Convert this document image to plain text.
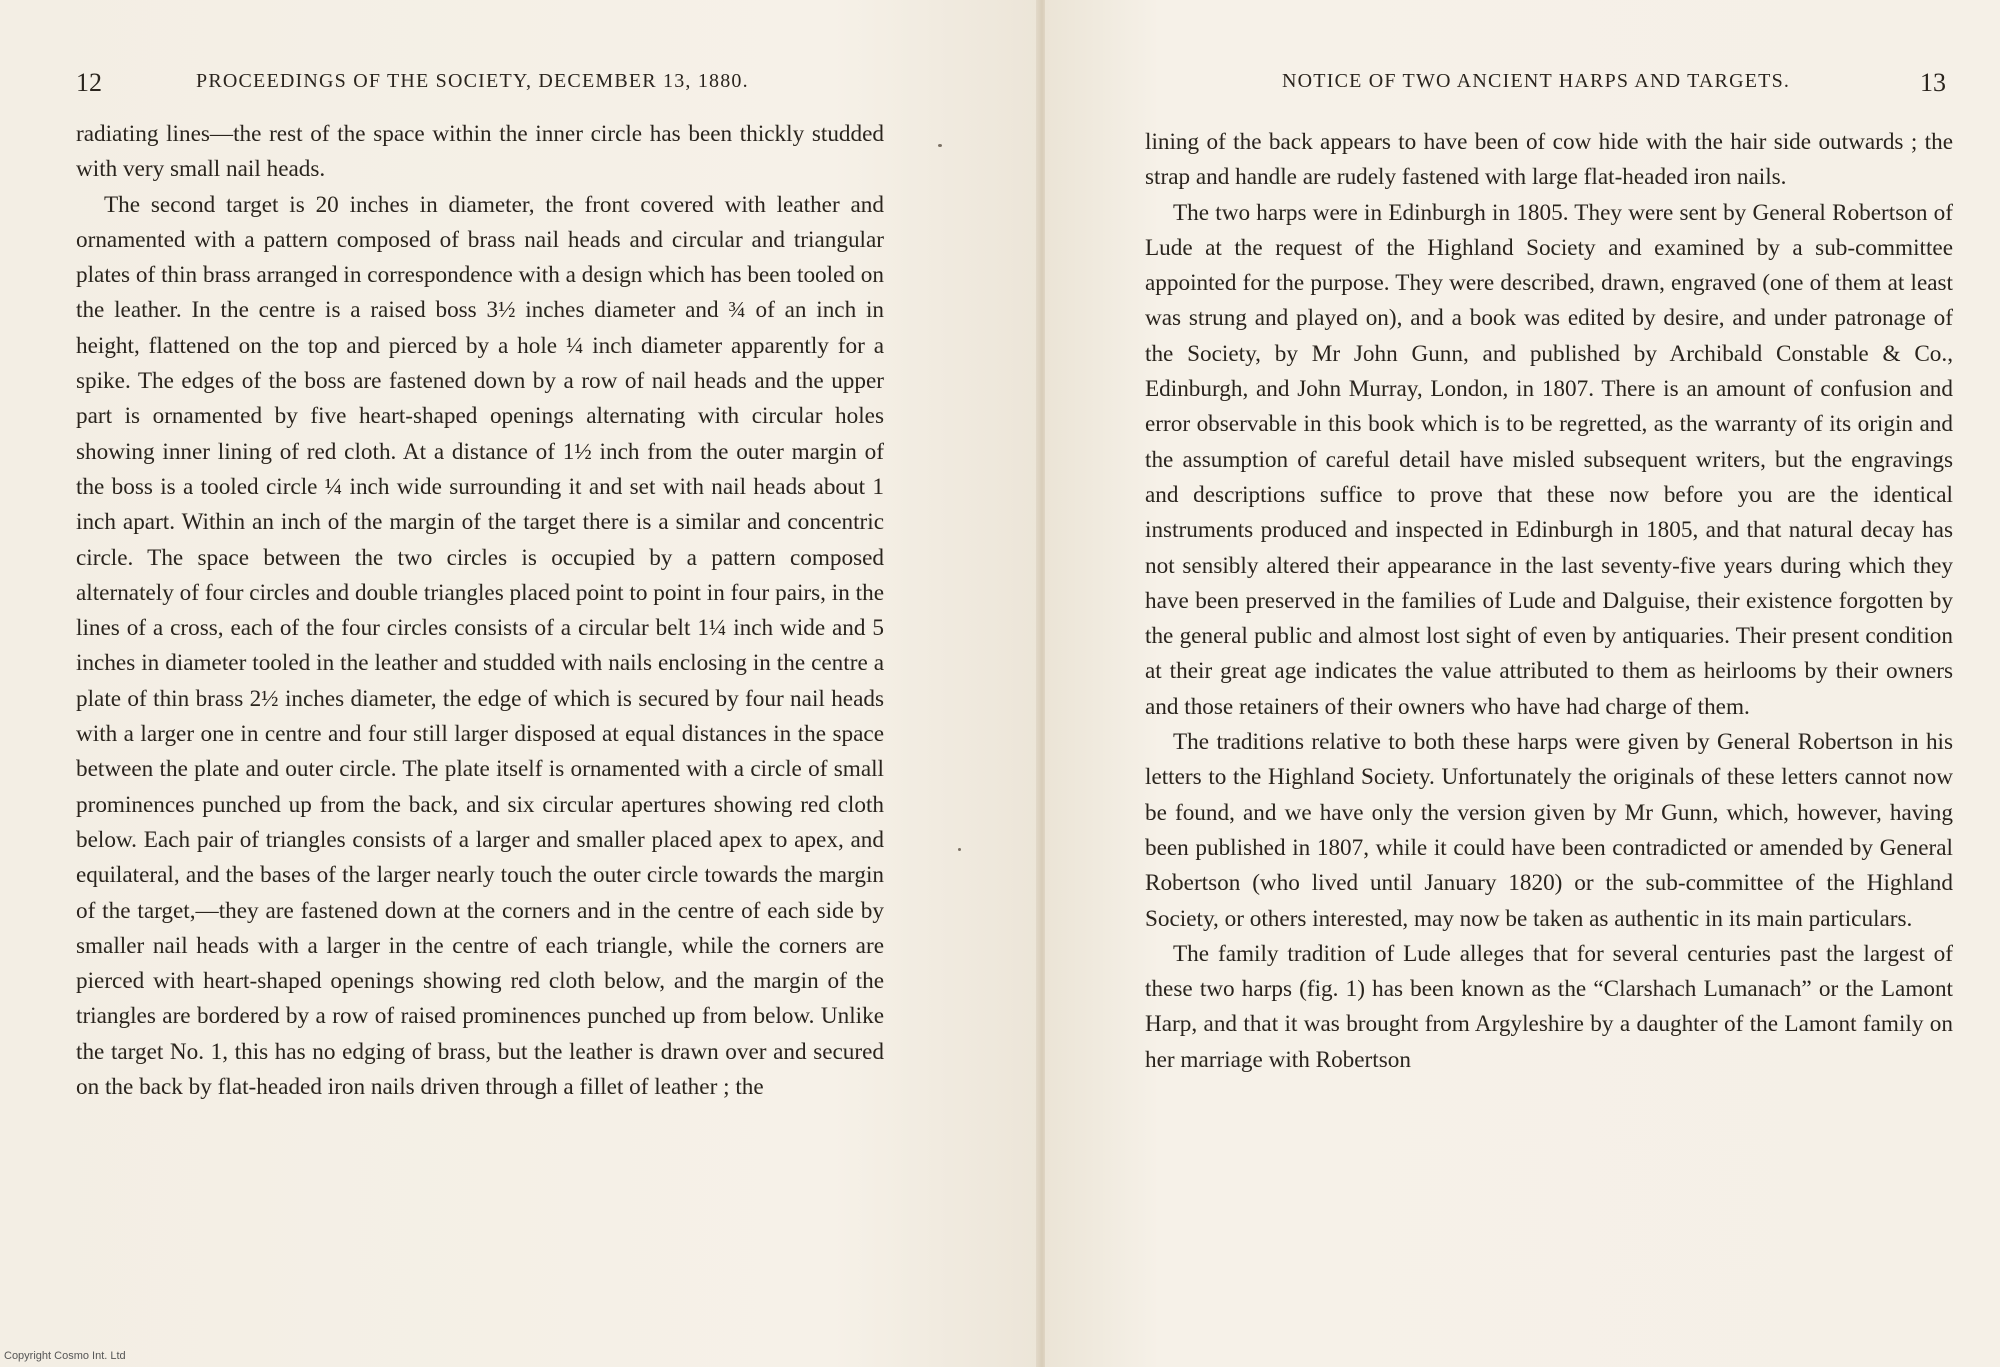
12	PROCEEDINGS OF THE SOCIETY, DECEMBER 13, 1880.

radiating lines—the rest of the space within the inner circle has been thickly studded with very small nail heads.

The second target is 20 inches in diameter, the front covered with leather and ornamented with a pattern composed of brass nail heads and circular and triangular plates of thin brass arranged in correspondence with a design which has been tooled on the leather. In the centre is a raised boss 3½ inches diameter and ¾ of an inch in height, flattened on the top and pierced by a hole ¼ inch diameter apparently for a spike. The edges of the boss are fastened down by a row of nail heads and the upper part is ornamented by five heart-shaped openings alternating with circular holes showing inner lining of red cloth. At a distance of 1½ inch from the outer margin of the boss is a tooled circle ¼ inch wide surrounding it and set with nail heads about 1 inch apart. Within an inch of the margin of the target there is a similar and concentric circle. The space between the two circles is occupied by a pattern composed alternately of four circles and double triangles placed point to point in four pairs, in the lines of a cross, each of the four circles consists of a circular belt 1¼ inch wide and 5 inches in diameter tooled in the leather and studded with nails enclosing in the centre a plate of thin brass 2½ inches diameter, the edge of which is secured by four nail heads with a larger one in centre and four still larger disposed at equal distances in the space between the plate and outer circle. The plate itself is ornamented with a circle of small prominences punched up from the back, and six circular apertures showing red cloth below. Each pair of triangles consists of a larger and smaller placed apex to apex, and equilateral, and the bases of the larger nearly touch the outer circle towards the margin of the target,—they are fastened down at the corners and in the centre of each side by smaller nail heads with a larger in the centre of each triangle, while the corners are pierced with heart-shaped openings showing red cloth below, and the margin of the triangles are bordered by a row of raised prominences punched up from below. Unlike the target No. 1, this has no edging of brass, but the leather is drawn over and secured on the back by flat-headed iron nails driven through a fillet of leather ; the

NOTICE OF TWO ANCIENT HARPS AND TARGETS.	13

lining of the back appears to have been of cow hide with the hair side outwards ; the strap and handle are rudely fastened with large flat-headed iron nails.

The two harps were in Edinburgh in 1805. They were sent by General Robertson of Lude at the request of the Highland Society and examined by a sub-committee appointed for the purpose. They were described, drawn, engraved (one of them at least was strung and played on), and a book was edited by desire, and under patronage of the Society, by Mr John Gunn, and published by Archibald Constable & Co., Edinburgh, and John Murray, London, in 1807. There is an amount of confusion and error observable in this book which is to be regretted, as the warranty of its origin and the assumption of careful detail have misled subsequent writers, but the engravings and descriptions suffice to prove that these now before you are the identical instruments produced and inspected in Edinburgh in 1805, and that natural decay has not sensibly altered their appearance in the last seventy-five years during which they have been preserved in the families of Lude and Dalguise, their existence forgotten by the general public and almost lost sight of even by antiquaries. Their present condition at their great age indicates the value attributed to them as heirlooms by their owners and those retainers of their owners who have had charge of them.

The traditions relative to both these harps were given by General Robertson in his letters to the Highland Society. Unfortunately the originals of these letters cannot now be found, and we have only the version given by Mr Gunn, which, however, having been published in 1807, while it could have been contradicted or amended by General Robertson (who lived until January 1820) or the sub-committee of the Highland Society, or others interested, may now be taken as authentic in its main particulars.

The family tradition of Lude alleges that for several centuries past the largest of these two harps (fig. 1) has been known as the “Clarshach Lumanach” or the Lamont Harp, and that it was brought from Argyleshire by a daughter of the Lamont family on her marriage with Robertson

Copyright Cosmo Int. Ltd
